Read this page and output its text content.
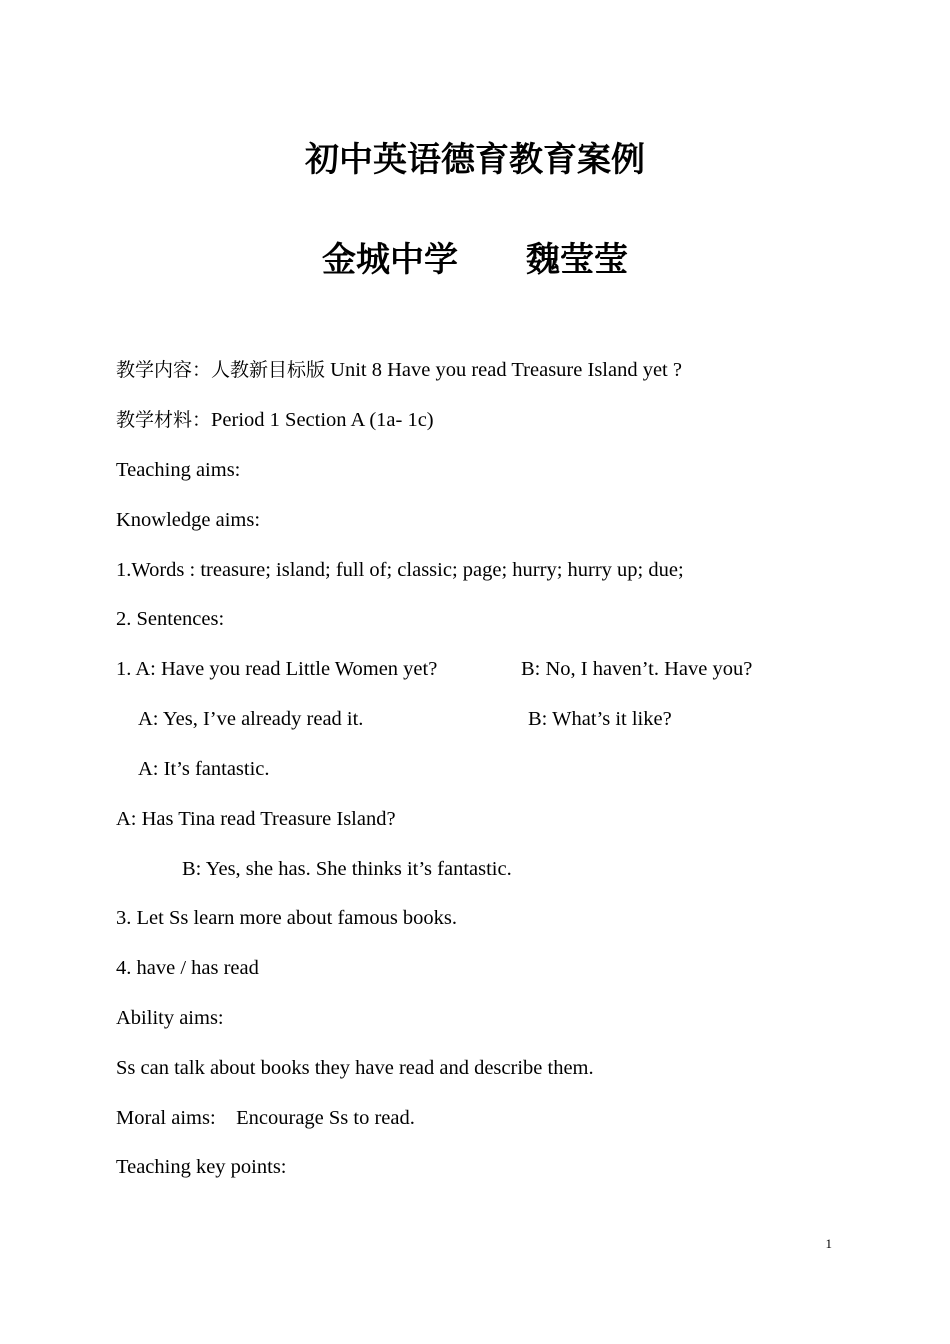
初中英语德育教育案例
金城中学　　魏莹莹
教学内容：人教新目标版 Unit 8 Have you read Treasure Island yet ?
教学材料：Period 1 Section A (1a- 1c)
Teaching aims:
Knowledge aims:
1.Words : treasure; island; full of; classic; page; hurry; hurry up; due;
2. Sentences:
1. A: Have you read Little Women yet?	B: No, I haven’t. Have you?
A: Yes, I’ve already read it.	B: What’s it like?
A: It’s fantastic.
A: Has Tina read Treasure Island?
B: Yes, she has. She thinks it’s fantastic.
3. Let Ss learn more about famous books.
4. have / has read
Ability aims:
Ss can talk about books they have read and describe them.
Moral aims:    Encourage Ss to read.
Teaching key points:
1
